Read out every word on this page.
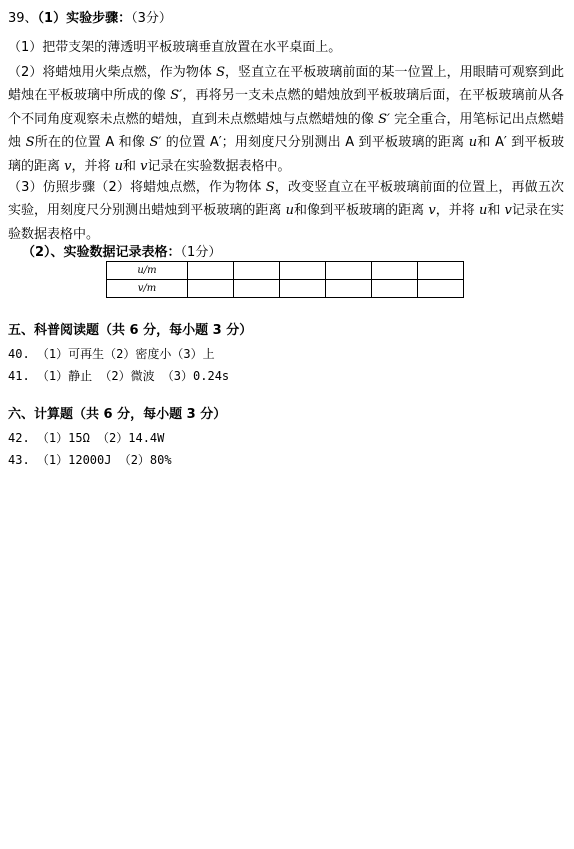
39、（1）实验步骤：（3分）
（1）把带支架的薄透明平板玻璃垂直放置在水平桌面上。
（2）将蜡烛用火柴点燃，作为物体 S，竖直立在平板玻璃前面的某一位置上，用眼睛可观察到此蜡烛在平板玻璃中所成的像 S′，再将另一支未点燃的蜡烛放到平板玻璃后面，在平板玻璃前从各个不同角度观察未点燃的蜡烛，直到未点燃蜡烛与点燃蜡烛的像 S′ 完全重合，用笔标记出点燃蜡烛 S所在的位置 A 和像 S′ 的位置 A′；用刻度尺分别测出 A 到平板玻璃的距离 u和 A′ 到平板玻璃的距离 v，并将 u和 v记录在实验数据表格中。
（3）仿照步骤（2）将蜡烛点燃，作为物体 S，改变竖直立在平板玻璃前面的位置上，再做五次实验，用刻度尺分别测出蜡烛到平板玻璃的距离 u和像到平板玻璃的距离 v，并将 u和 v记录在实验数据表格中。
（2）、实验数据记录表格：（1分）
u/m						
v/m						
五、科普阅读题（共 6 分，每小题 3 分）
40. （1）可再生（2）密度小（3）上
41. （1）静止 （2）微波 （3）0.24s
六、计算题（共 6 分，每小题 3 分）
42. （1）15Ω （2）14.4W
43. （1）12000J （2）80%
